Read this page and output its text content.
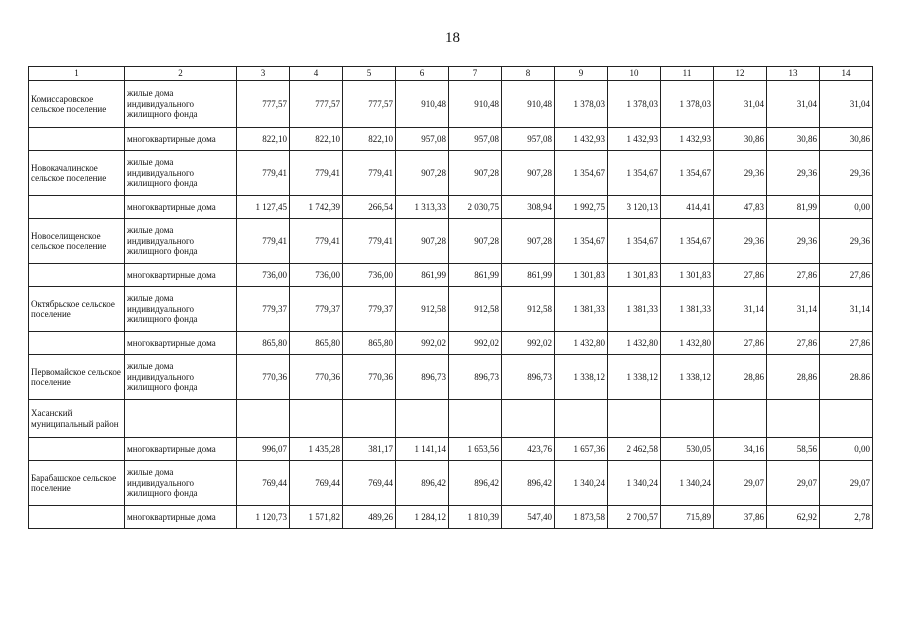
18
1	2	3	4	5	6	7	8	9	10	11	12	13	14
Комиссаровское сельское поселение	жилые дома индивидуального жилищного фонда	777,57	777,57	777,57	910,48	910,48	910,48	1 378,03	1 378,03	1 378,03	31,04	31,04	31,04
	многоквартирные дома	822,10	822,10	822,10	957,08	957,08	957,08	1 432,93	1 432,93	1 432,93	30,86	30,86	30,86
Новокачалинское сельское поселение	жилые дома индивидуального жилищного фонда	779,41	779,41	779,41	907,28	907,28	907,28	1 354,67	1 354,67	1 354,67	29,36	29,36	29,36
	многоквартирные дома	1 127,45	1 742,39	266,54	1 313,33	2 030,75	308,94	1 992,75	3 120,13	414,41	47,83	81,99	0,00
Новоселищенское сельское поселение	жилые дома индивидуального жилищного фонда	779,41	779,41	779,41	907,28	907,28	907,28	1 354,67	1 354,67	1 354,67	29,36	29,36	29,36
	многоквартирные дома	736,00	736,00	736,00	861,99	861,99	861,99	1 301,83	1 301,83	1 301,83	27,86	27,86	27,86
Октябрьское сельское поселение	жилые дома индивидуального жилищного фонда	779,37	779,37	779,37	912,58	912,58	912,58	1 381,33	1 381,33	1 381,33	31,14	31,14	31,14
	многоквартирные дома	865,80	865,80	865,80	992,02	992,02	992,02	1 432,80	1 432,80	1 432,80	27,86	27,86	27,86
Первомайское сельское поселение	жилые дома индивидуального жилищного фонда	770,36	770,36	770,36	896,73	896,73	896,73	1 338,12	1 338,12	1 338,12	28,86	28,86	28.86
Хасанский муниципальный район													
	многоквартирные дома	996,07	1 435,28	381,17	1 141,14	1 653,56	423,76	1 657,36	2 462,58	530,05	34,16	58,56	0,00
Барабашское сельское поселение	жилые дома индивидуального жилищного фонда	769,44	769,44	769,44	896,42	896,42	896,42	1 340,24	1 340,24	1 340,24	29,07	29,07	29,07
	многоквартирные дома	1 120,73	1 571,82	489,26	1 284,12	1 810,39	547,40	1 873,58	2 700,57	715,89	37,86	62,92	2,78
